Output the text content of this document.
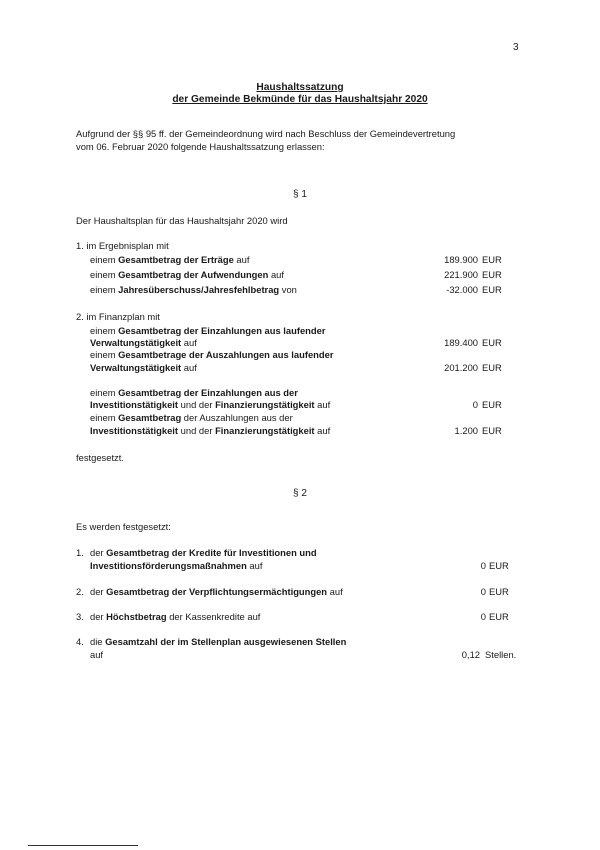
3
Haushaltssatzung
der Gemeinde Bekmünde für das Haushaltsjahr 2020
Aufgrund der §§ 95 ff. der Gemeindeordnung wird nach Beschluss der Gemeindevertretung
vom 06. Februar 2020 folgende Haushaltssatzung erlassen:
§ 1
Der Haushaltsplan für das Haushaltsjahr 2020 wird
1. im Ergebnisplan mit
einem Gesamtbetrag der Erträge auf	189.900 EUR
einem Gesamtbetrag der Aufwendungen auf	221.900 EUR
einem Jahresüberschuss/Jahresfehlbetrag von	-32.000 EUR
2. im Finanzplan mit
einem Gesamtbetrag der Einzahlungen aus laufender
Verwaltungstätigkeit auf	189.400 EUR
einem Gesamtbetrage der Auszahlungen aus laufender
Verwaltungstätigkeit auf	201.200 EUR
einem Gesamtbetrag der Einzahlungen aus der
Investitionstätigkeit und der Finanzierungstätigkeit auf	0 EUR
einem Gesamtbetrag der Auszahlungen aus der
Investitionstätigkeit und der Finanzierungstätigkeit auf	1.200 EUR
festgesetzt.
§ 2
Es werden festgesetzt:
1. der Gesamtbetrag der Kredite für Investitionen und
Investitionsförderungsmaßnahmen auf	0 EUR
2. der Gesamtbetrag der Verpflichtungsermächtigungen auf	0 EUR
3. der Höchstbetrag der Kassenkredite auf	0 EUR
4. die Gesamtzahl der im Stellenplan ausgewiesenen Stellen
auf	0,12 Stellen.
